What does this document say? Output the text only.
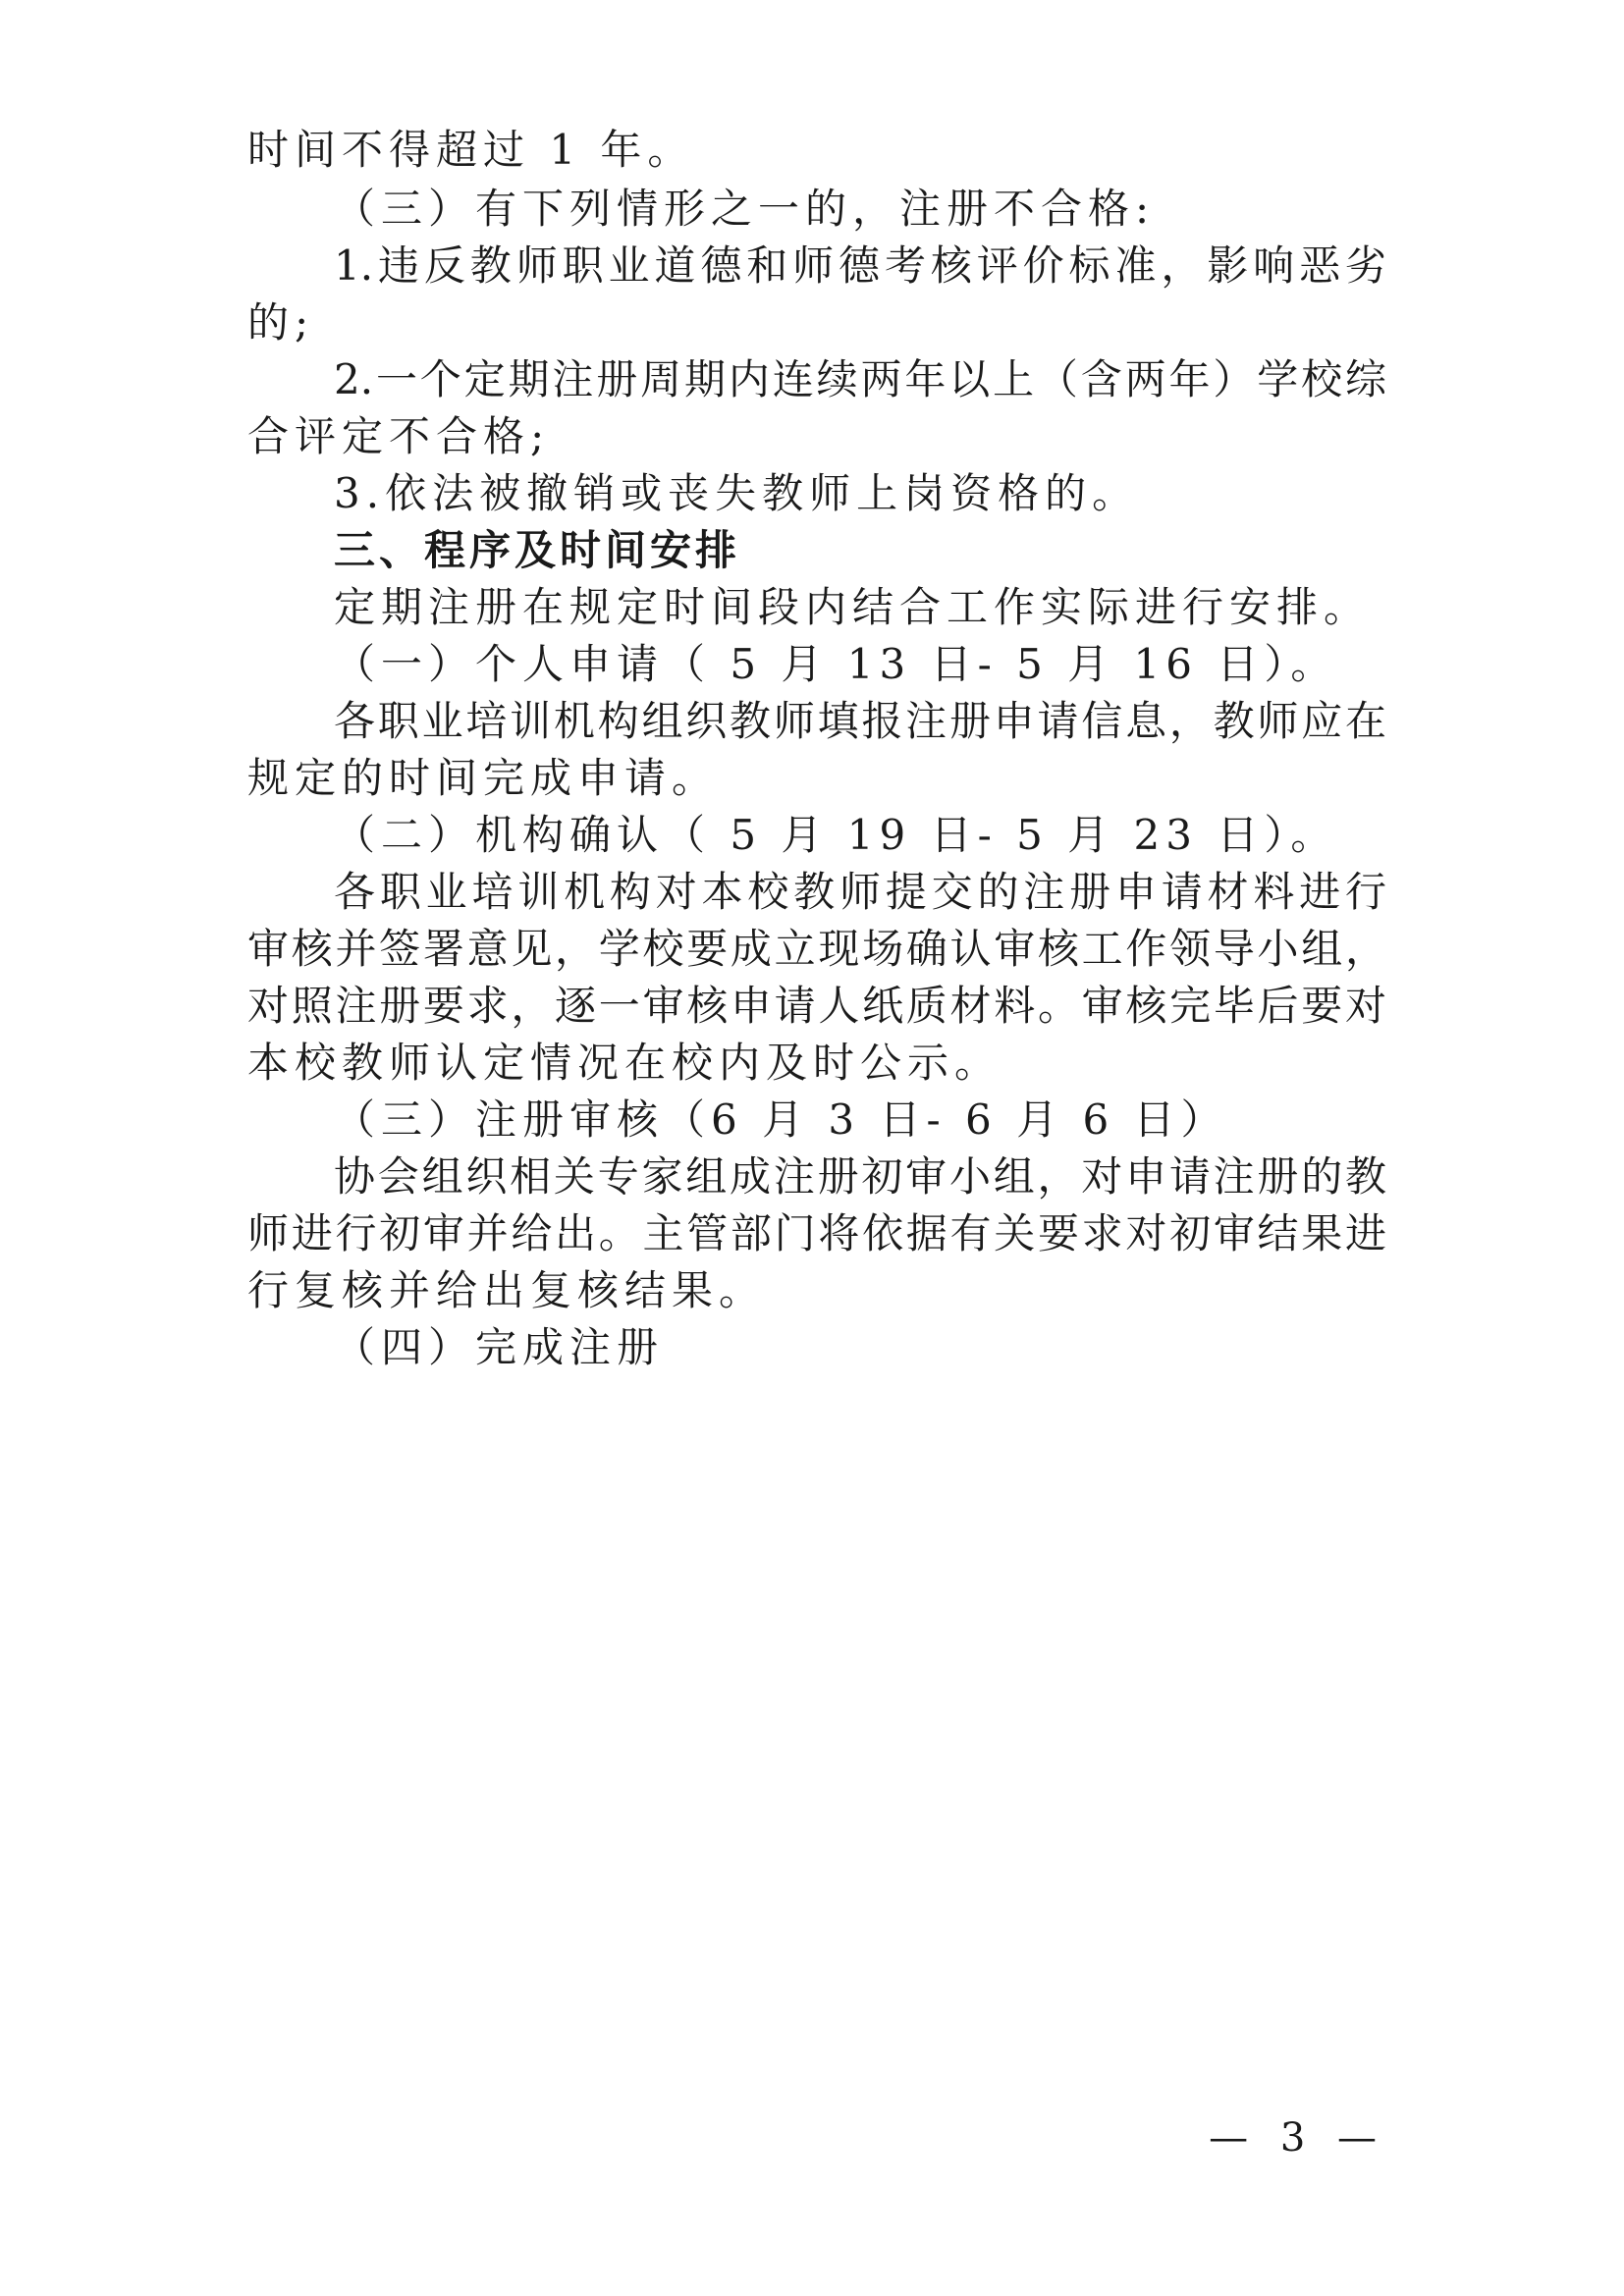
时间不得超过 1 年。
（三）有下列情形之一的，注册不合格:
1.违反教师职业道德和师德考核评价标准，影响恶劣
的;
2.一个定期注册周期内连续两年以上（含两年）学校综
合评定不合格;
3.依法被撤销或丧失教师上岗资格的。
三、程序及时间安排
定期注册在规定时间段内结合工作实际进行安排。
（一）个人申请（ 5 月 13 日- 5 月 16 日）。
各职业培训机构组织教师填报注册申请信息，教师应在
规定的时间完成申请。
（二）机构确认（ 5 月 19 日- 5 月 23 日）。
各职业培训机构对本校教师提交的注册申请材料进行
审核并签署意见，学校要成立现场确认审核工作领导小组，
对照注册要求，逐一审核申请人纸质材料。审核完毕后要对
本校教师认定情况在校内及时公示。
（三）注册审核（6 月 3 日- 6 月 6 日）
协会组织相关专家组成注册初审小组，对申请注册的教
师进行初审并给出。主管部门将依据有关要求对初审结果进
行复核并给出复核结果。
（四）完成注册
— 3 —
